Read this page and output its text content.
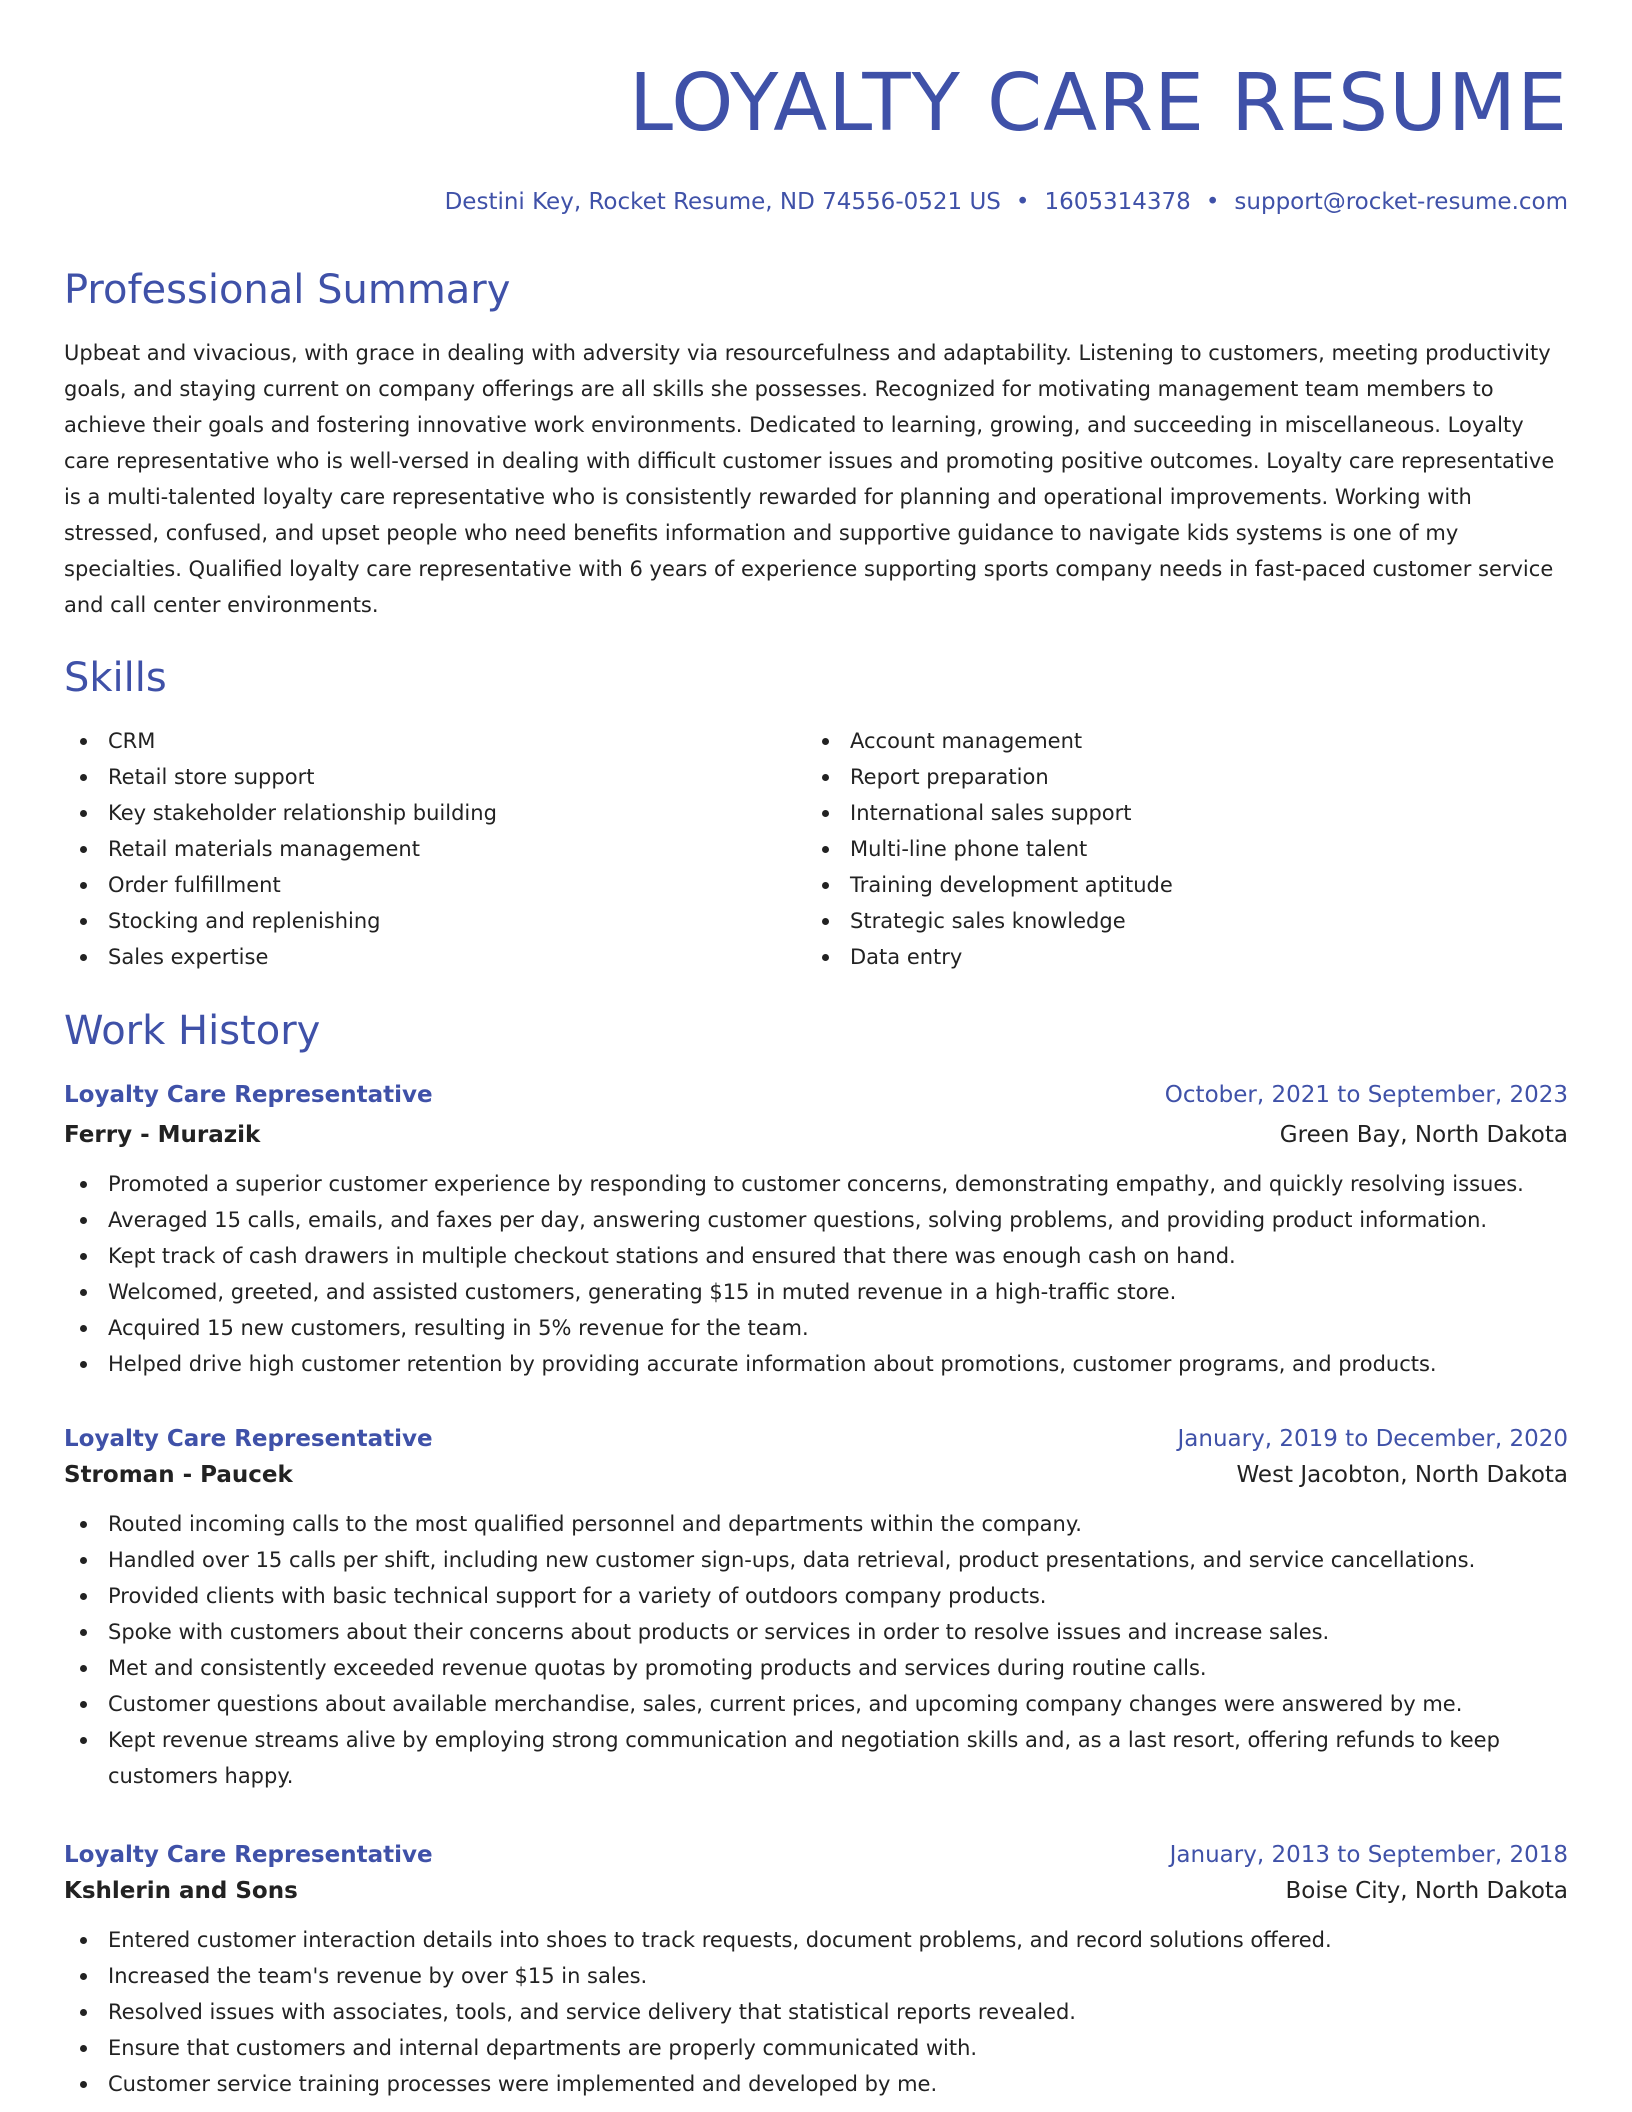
LOYALTY CARE RESUME
Destini Key, Rocket Resume, ND 74556-0521 US • 1605314378 • support@rocket-resume.com
Professional Summary

Upbeat and vivacious, with grace in dealing with adversity via resourcefulness and adaptability. Listening to customers, meeting productivity goals, and staying current on company offerings are all skills she possesses. Recognized for motivating management team members to achieve their goals and fostering innovative work environments. Dedicated to learning, growing, and succeeding in miscellaneous. Loyalty care representative who is well-versed in dealing with difficult customer issues and promoting positive outcomes. Loyalty care representative is a multi-talented loyalty care representative who is consistently rewarded for planning and operational improvements. Working with stressed, confused, and upset people who need benefits information and supportive guidance to navigate kids systems is one of my specialties. Qualified loyalty care representative with 6 years of experience supporting sports company needs in fast-paced customer service and call center environments.

Skills
CRM
Retail store support
Key stakeholder relationship building
Retail materials management
Order fulfillment
Stocking and replenishing
Sales expertise
Account management
Report preparation
International sales support
Multi-line phone talent
Training development aptitude
Strategic sales knowledge
Data entry
Work History
Loyalty Care Representative	October, 2021 to September, 2023
Ferry - Murazik	Green Bay, North Dakota
Promoted a superior customer experience by responding to customer concerns, demonstrating empathy, and quickly resolving issues.
Averaged 15 calls, emails, and faxes per day, answering customer questions, solving problems, and providing product information.
Kept track of cash drawers in multiple checkout stations and ensured that there was enough cash on hand.
Welcomed, greeted, and assisted customers, generating $15 in muted revenue in a high-traffic store.
Acquired 15 new customers, resulting in 5% revenue for the team.
Helped drive high customer retention by providing accurate information about promotions, customer programs, and products.
Loyalty Care Representative	January, 2019 to December, 2020
Stroman - Paucek	West Jacobton, North Dakota
Routed incoming calls to the most qualified personnel and departments within the company.
Handled over 15 calls per shift, including new customer sign-ups, data retrieval, product presentations, and service cancellations.
Provided clients with basic technical support for a variety of outdoors company products.
Spoke with customers about their concerns about products or services in order to resolve issues and increase sales.
Met and consistently exceeded revenue quotas by promoting products and services during routine calls.
Customer questions about available merchandise, sales, current prices, and upcoming company changes were answered by me.
Kept revenue streams alive by employing strong communication and negotiation skills and, as a last resort, offering refunds to keep customers happy.
Loyalty Care Representative	January, 2013 to September, 2018
Kshlerin and Sons	Boise City, North Dakota
Entered customer interaction details into shoes to track requests, document problems, and record solutions offered.
Increased the team's revenue by over $15 in sales.
Resolved issues with associates, tools, and service delivery that statistical reports revealed.
Ensure that customers and internal departments are properly communicated with.
Customer service training processes were implemented and developed by me.
